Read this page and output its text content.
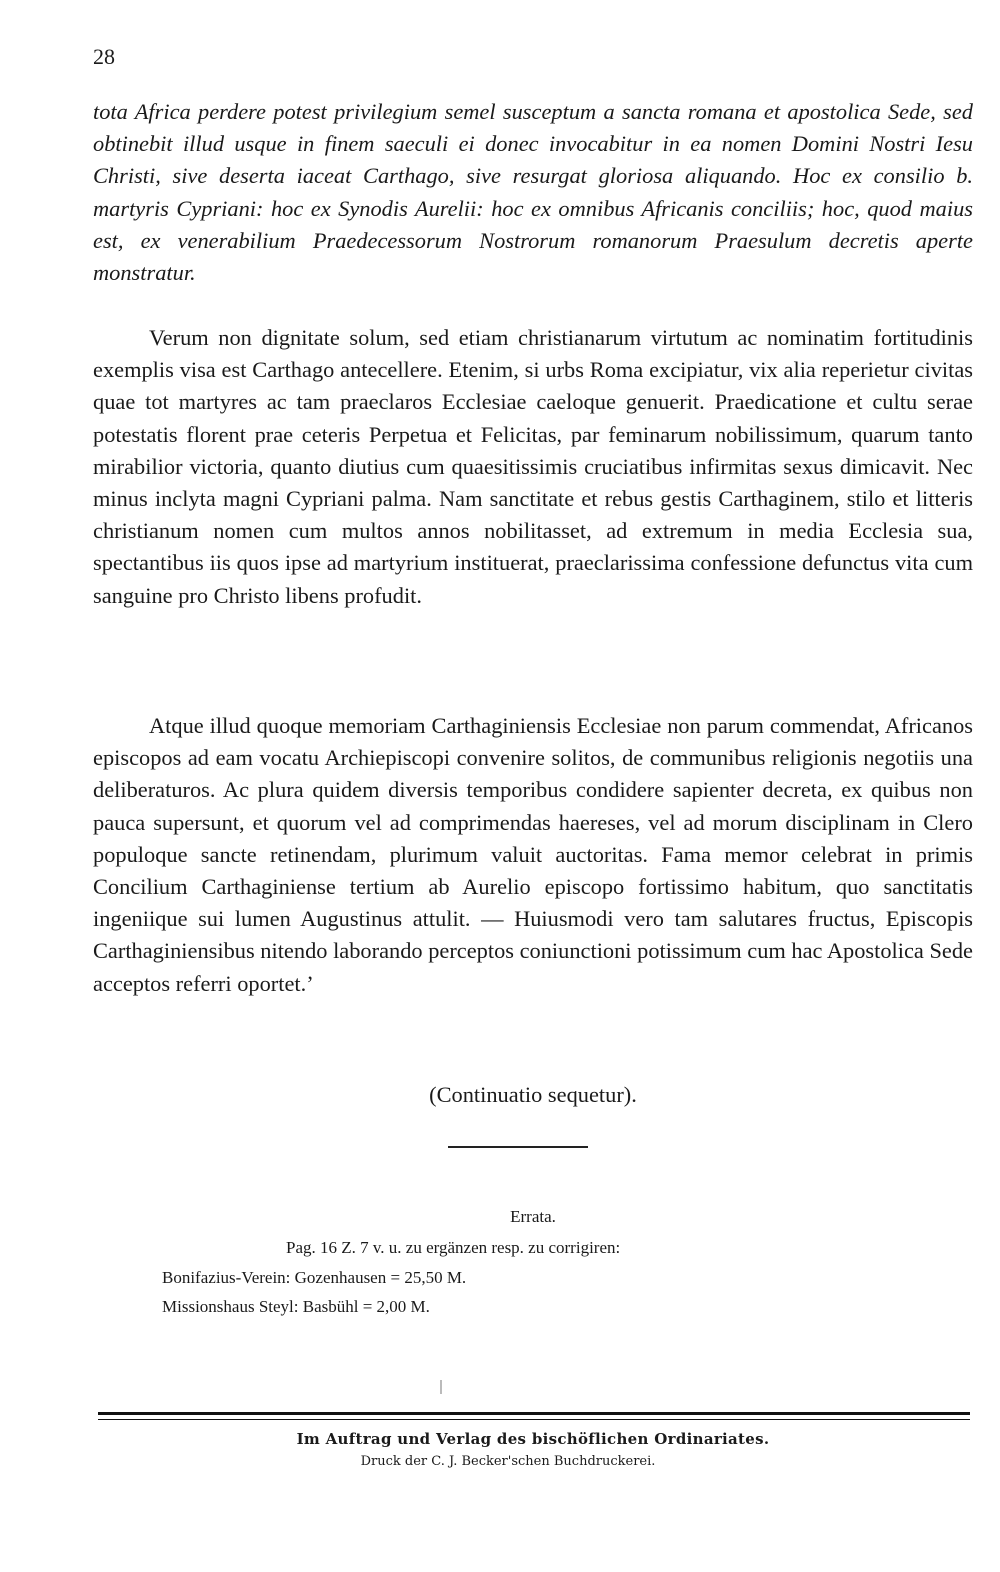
28

tota Africa perdere potest privilegium semel susceptum a sancta romana et apostolica Sede, sed obtinebit illud usque in finem saeculi ei donec invocabitur in ea nomen Domini Nostri Iesu Christi, sive deserta iaceat Carthago, sive resurgat gloriosa aliquando. Hoc ex consilio b. martyris Cypriani: hoc ex Synodis Aurelii: hoc ex omnibus Africanis conciliis; hoc, quod maius est, ex venerabilium Praedecessorum Nostrorum romanorum Praesulum decretis aperte monstratur.

Verum non dignitate solum, sed etiam christianarum virtutum ac nominatim fortitudinis exemplis visa est Carthago antecellere. Etenim, si urbs Roma excipiatur, vix alia reperietur civitas quae tot martyres ac tam praeclaros Ecclesiae caeloque genuerit. Praedicatione et cultu serae potestatis florent prae ceteris Perpetua et Felicitas, par feminarum nobilissimum, quarum tanto mirabilior victoria, quanto diutius cum quaesitissimis cruciatibus infirmitas sexus dimicavit. Nec minus inclyta magni Cypriani palma. Nam sanctitate et rebus gestis Carthaginem, stilo et litteris christianum nomen cum multos annos nobilitasset, ad extremum in media Ecclesia sua, spectantibus iis quos ipse ad martyrium instituerat, praeclarissima confessione defunctus vita cum sanguine pro Christo libens profudit.

Atque illud quoque memoriam Carthaginiensis Ecclesiae non parum commendat, Africanos episcopos ad eam vocatu Archiepiscopi convenire solitos, de communibus religionis negotiis una deliberaturos. Ac plura quidem diversis temporibus condidere sapienter decreta, ex quibus non pauca supersunt, et quorum vel ad comprimendas haereses, vel ad morum disciplinam in Clero populoque sancte retinendam, plurimum valuit auctoritas. Fama memor celebrat in primis Concilium Carthaginiense tertium ab Aurelio episcopo fortissimo habitum, quo sanctitatis ingeniique sui lumen Augustinus attulit. — Huiusmodi vero tam salutares fructus, Episcopis Carthaginiensibus nitendo laborando perceptos coniunctioni potissimum cum hac Apostolica Sede acceptos referri oportet.’

(Continuatio sequetur).
Errata.
Pag. 16 Z. 7 v. u. zu ergänzen resp. zu corrigiren:
Bonifazius-Verein: Gozenhausen = 25,50 M.
Missionshaus Steyl: Basbühl = 2,00 M.
Im Auftrag und Verlag des bischöflichen Ordinariates.
Druck der C. J. Becker'schen Buchdruckerei.
